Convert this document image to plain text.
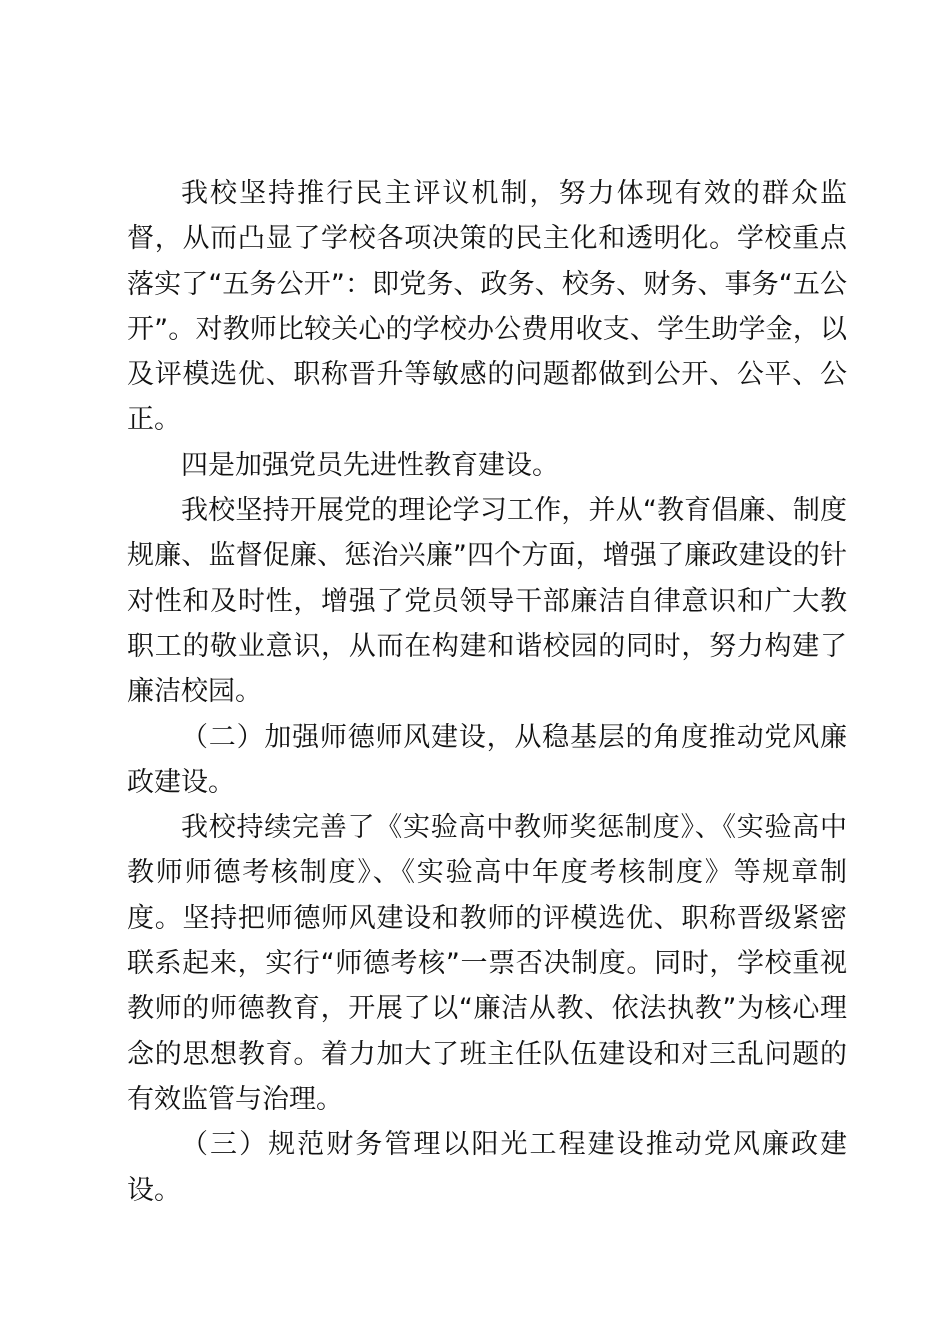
我校坚持推行民主评议机制，努力体现有效的群众监督，从而凸显了学校各项决策的民主化和透明化。学校重点落实了“五务公开”：即党务、政务、校务、财务、事务“五公开”。对教师比较关心的学校办公费用收支、学生助学金，以及评模选优、职称晋升等敏感的问题都做到公开、公平、公正。

四是加强党员先进性教育建设。

我校坚持开展党的理论学习工作，并从“教育倡廉、制度规廉、监督促廉、惩治兴廉”四个方面，增强了廉政建设的针对性和及时性，增强了党员领导干部廉洁自律意识和广大教职工的敬业意识，从而在构建和谐校园的同时，努力构建了廉洁校园。

（二）加强师德师风建设，从稳基层的角度推动党风廉政建设。

我校持续完善了《实验高中教师奖惩制度》、《实验高中教师师德考核制度》、《实验高中年度考核制度》等规章制度。坚持把师德师风建设和教师的评模选优、职称晋级紧密联系起来，实行“师德考核”一票否决制度。同时，学校重视教师的师德教育，开展了以“廉洁从教、依法执教”为核心理念的思想教育。着力加大了班主任队伍建设和对三乱问题的有效监管与治理。

（三）规范财务管理以阳光工程建设推动党风廉政建设。
